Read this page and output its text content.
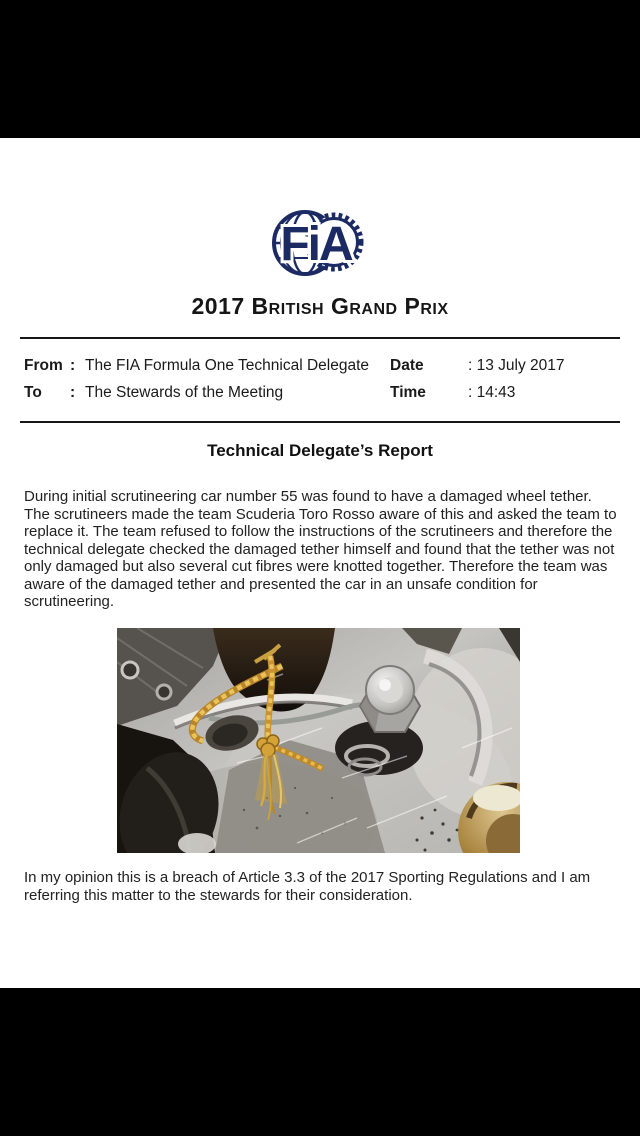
FiA
2017 British Grand Prix
From : The FIA Formula One Technical Delegate Date	: 13 July 2017
To : The Stewards of the Meeting	Time	: 14:43
Technical Delegate’s Report
During initial scrutineering car number 55 was found to have a damaged wheel tether. The scrutineers made the team Scuderia Toro Rosso aware of this and asked the team to replace it. The team refused to follow the instructions of the scrutineers and therefore the technical delegate checked the damaged tether himself and found that the tether was not only damaged but also several cut fibres were knotted together. Therefore the team was aware of the damaged tether and presented the car in an unsafe condition for scrutineering.
In my opinion this is a breach of Article 3.3 of the 2017 Sporting Regulations and I am referring this matter to the stewards for their consideration.
